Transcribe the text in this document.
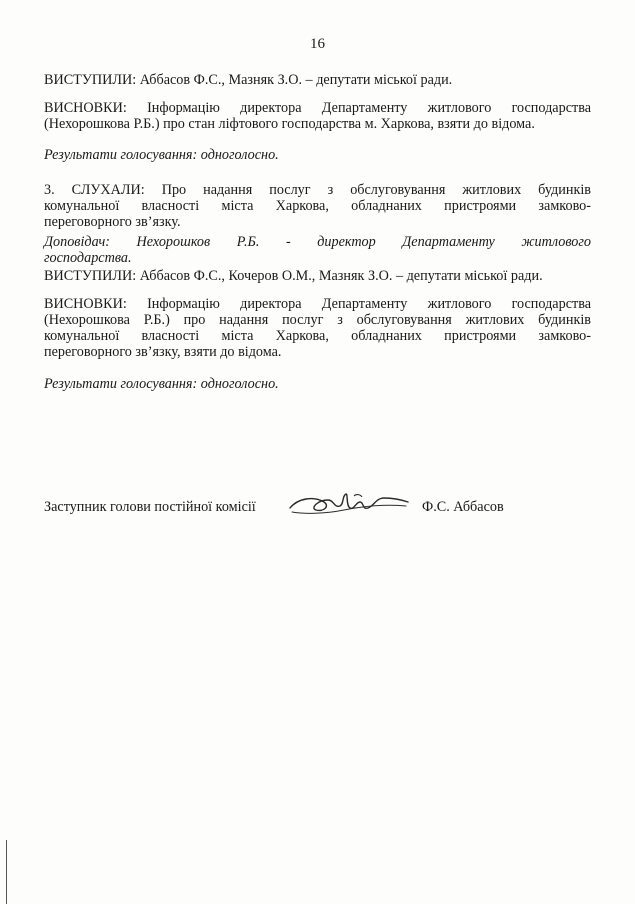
16
ВИСТУПИЛИ: Аббасов Ф.С., Мазняк З.О. – депутати міської ради.
ВИСНОВКИ: Інформацію директора Департаменту житлового господарства
(Нехорошкова Р.Б.) про стан ліфтового господарства м. Харкова, взяти до відома.
Результати голосування: одноголосно.
3. СЛУХАЛИ: Про надання послуг з обслуговування житлових будинків
комунальної власності міста Харкова, обладнаних пристроями замково-
переговорного зв’язку.
Доповідач: Нехорошков Р.Б. - директор Департаменту житлового
господарства.
ВИСТУПИЛИ: Аббасов Ф.С., Кочеров О.М., Мазняк З.О. – депутати міської ради.
ВИСНОВКИ: Інформацію директора Департаменту житлового господарства
(Нехорошкова Р.Б.) про надання послуг з обслуговування житлових будинків
комунальної власності міста Харкова, обладнаних пристроями замково-
переговорного зв’язку, взяти до відома.
Результати голосування: одноголосно.
Заступник голови постійної комісії	Ф.С. Аббасов
